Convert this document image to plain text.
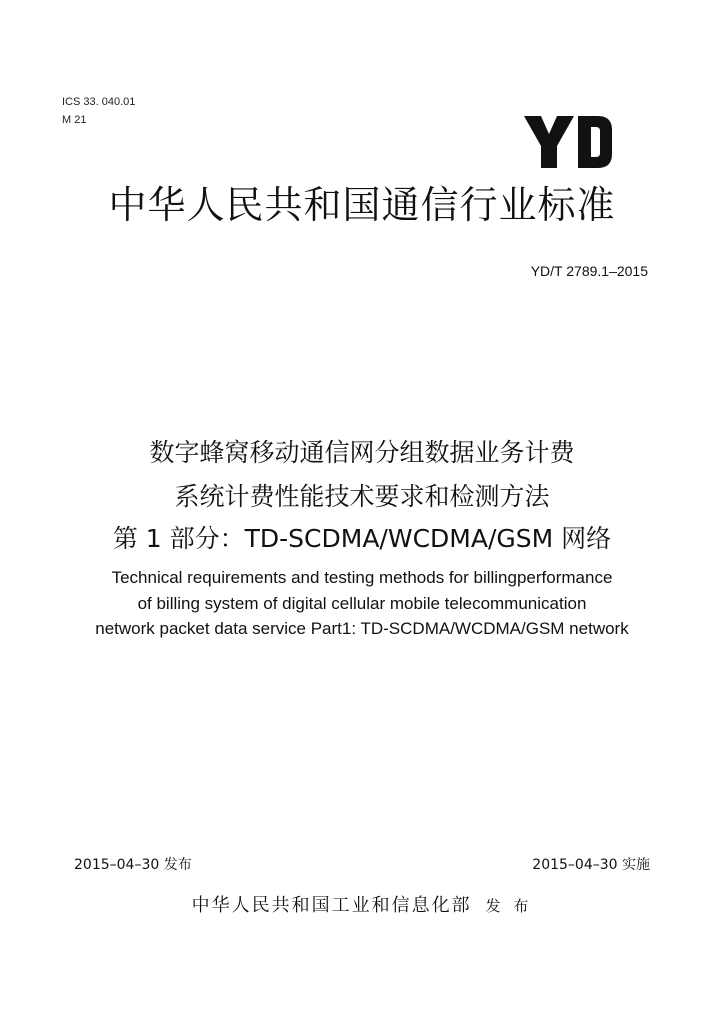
ICS 33. 040.01
M 21
中华人民共和国通信行业标准
YD/T 2789.1–2015
数字蜂窝移动通信网分组数据业务计费
系统计费性能技术要求和检测方法
第 1 部分：TD-SCDMA/WCDMA/GSM 网络
Technical requirements and testing methods for billingperformance
of billing system of digital cellular mobile telecommunication
network packet data service Part1: TD-SCDMA/WCDMA/GSM network
2015–04–30 发布	2015–04–30 实施
中华人民共和国工业和信息化部 发 布
